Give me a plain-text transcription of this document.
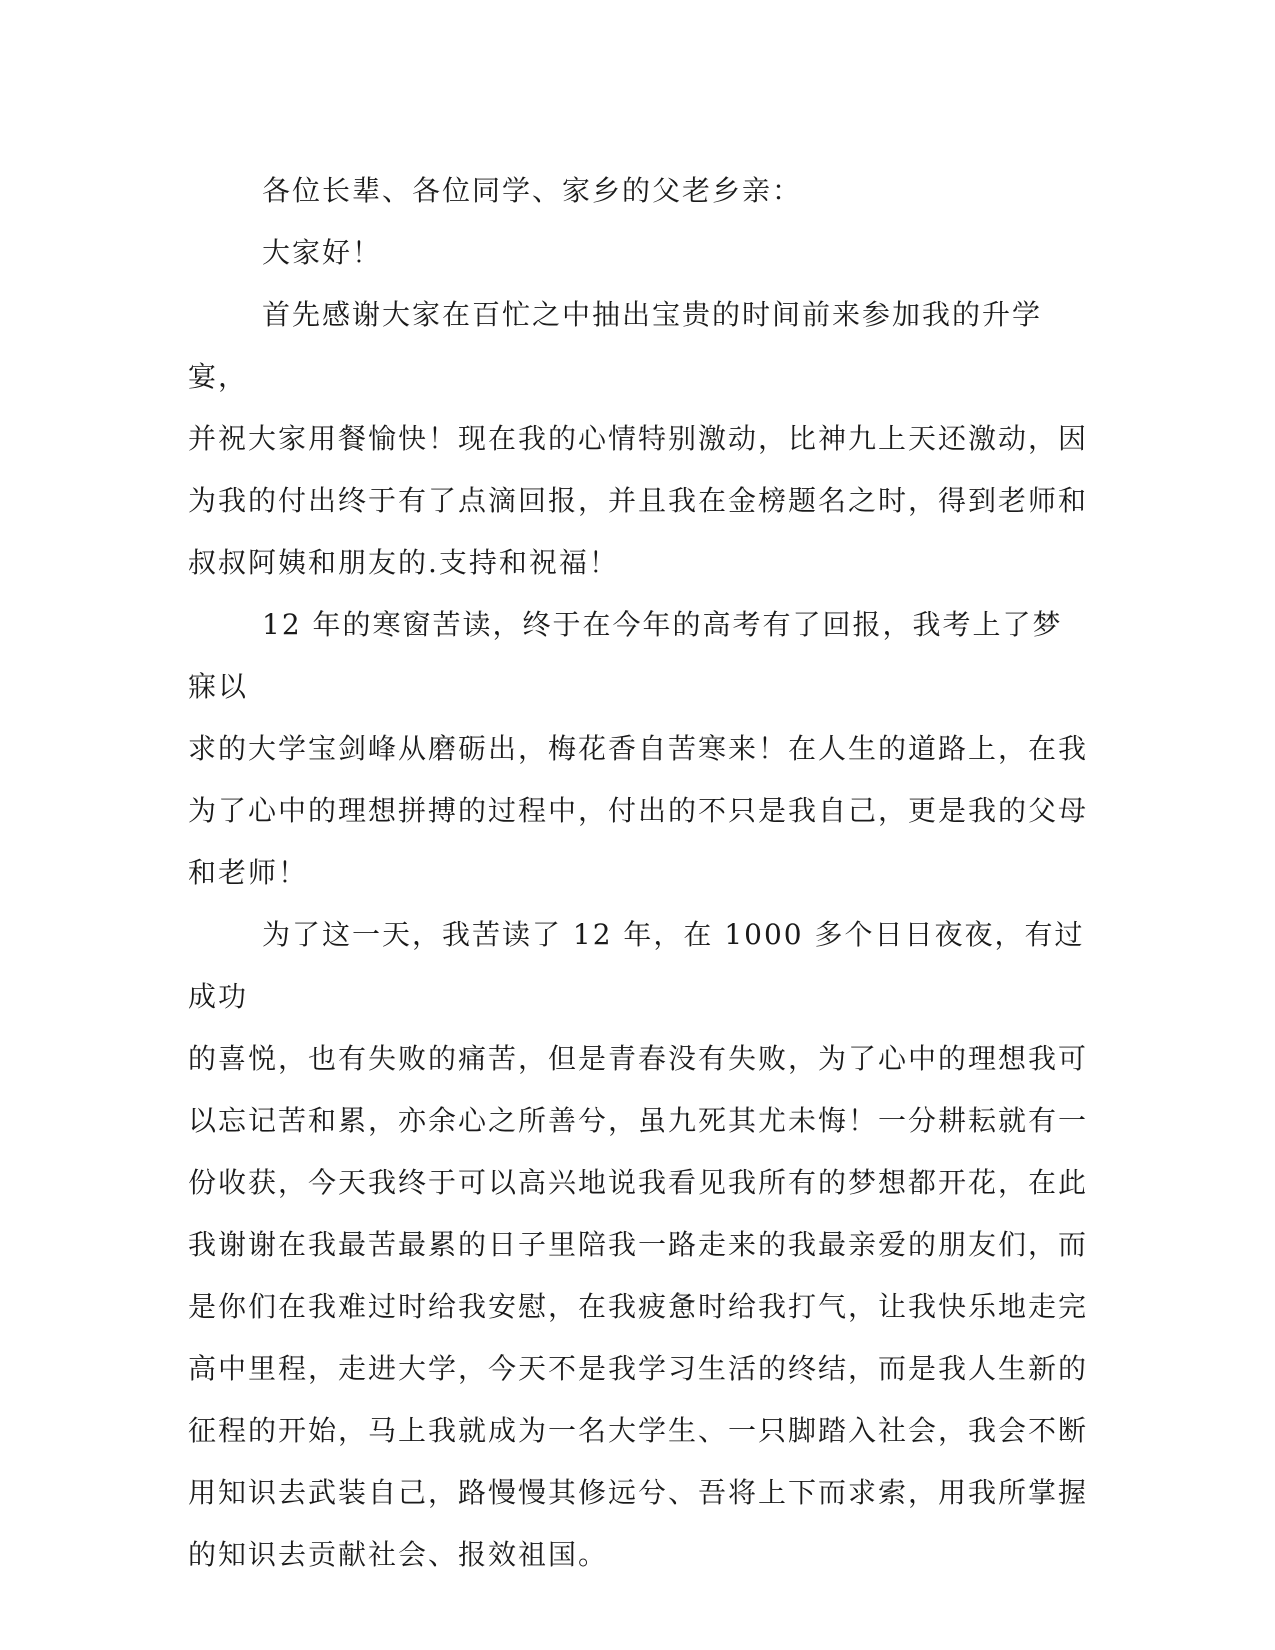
各位长辈、各位同学、家乡的父老乡亲：

大家好！

首先感谢大家在百忙之中抽出宝贵的时间前来参加我的升学宴，
并祝大家用餐愉快！现在我的心情特别激动，比神九上天还激动，因
为我的付出终于有了点滴回报，并且我在金榜题名之时，得到老师和
叔叔阿姨和朋友的.支持和祝福！

12 年的寒窗苦读，终于在今年的高考有了回报，我考上了梦寐以
求的大学宝剑峰从磨砺出，梅花香自苦寒来！在人生的道路上，在我
为了心中的理想拼搏的过程中，付出的不只是我自己，更是我的父母
和老师！

为了这一天，我苦读了 12 年，在 1000 多个日日夜夜，有过成功
的喜悦，也有失败的痛苦，但是青春没有失败，为了心中的理想我可
以忘记苦和累，亦余心之所善兮，虽九死其尤未悔！一分耕耘就有一
份收获，今天我终于可以高兴地说我看见我所有的梦想都开花，在此
我谢谢在我最苦最累的日子里陪我一路走来的我最亲爱的朋友们，而
是你们在我难过时给我安慰，在我疲惫时给我打气，让我快乐地走完
高中里程，走进大学，今天不是我学习生活的终结，而是我人生新的
征程的开始，马上我就成为一名大学生、一只脚踏入社会，我会不断
用知识去武装自己，路慢慢其修远兮、吾将上下而求索，用我所掌握
的知识去贡献社会、报效祖国。
